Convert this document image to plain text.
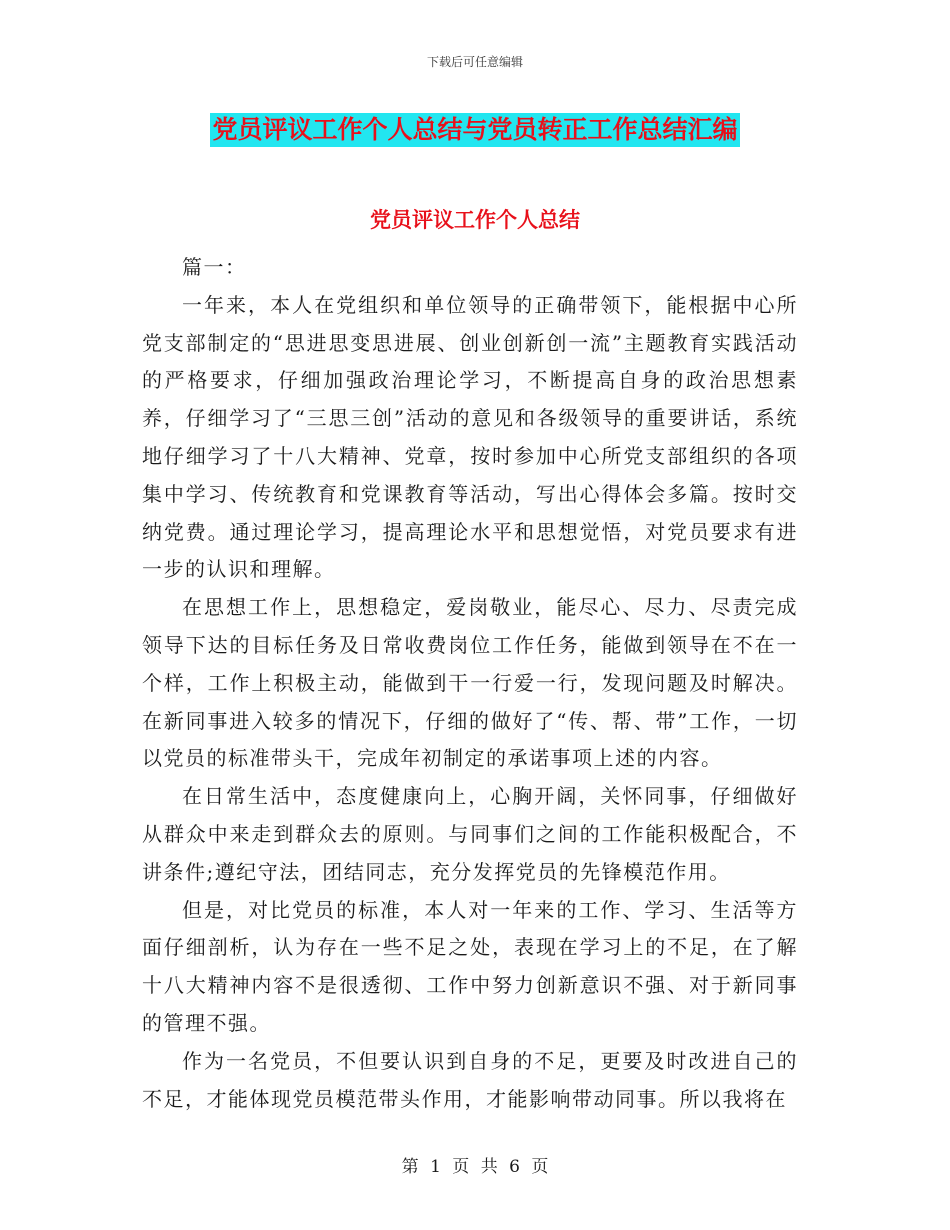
下载后可任意编辑
党员评议工作个人总结与党员转正工作总结汇编
党员评议工作个人总结

篇一：

一年来，本人在党组织和单位领导的正确带领下，能根据中心所党支部制定的“思进思变思进展、创业创新创一流”主题教育实践活动的严格要求，仔细加强政治理论学习，不断提高自身的政治思想素养，仔细学习了“三思三创”活动的意见和各级领导的重要讲话，系统地仔细学习了十八大精神、党章，按时参加中心所党支部组织的各项集中学习、传统教育和党课教育等活动，写出心得体会多篇。按时交纳党费。通过理论学习，提高理论水平和思想觉悟，对党员要求有进一步的认识和理解。

在思想工作上，思想稳定，爱岗敬业，能尽心、尽力、尽责完成领导下达的目标任务及日常收费岗位工作任务，能做到领导在不在一个样，工作上积极主动，能做到干一行爱一行，发现问题及时解决。在新同事进入较多的情况下，仔细的做好了“传、帮、带”工作，一切以党员的标准带头干，完成年初制定的承诺事项上述的内容。

在日常生活中，态度健康向上，心胸开阔，关怀同事，仔细做好从群众中来走到群众去的原则。与同事们之间的工作能积极配合，不讲条件;遵纪守法，团结同志，充分发挥党员的先锋模范作用。

但是，对比党员的标准，本人对一年来的工作、学习、生活等方面仔细剖析，认为存在一些不足之处，表现在学习上的不足，在了解十八大精神内容不是很透彻、工作中努力创新意识不强、对于新同事的管理不强。

作为一名党员，不但要认识到自身的不足，更要及时改进自己的不足，才能体现党员模范带头作用，才能影响带动同事。所以我将在

第 1 页 共 6 页
